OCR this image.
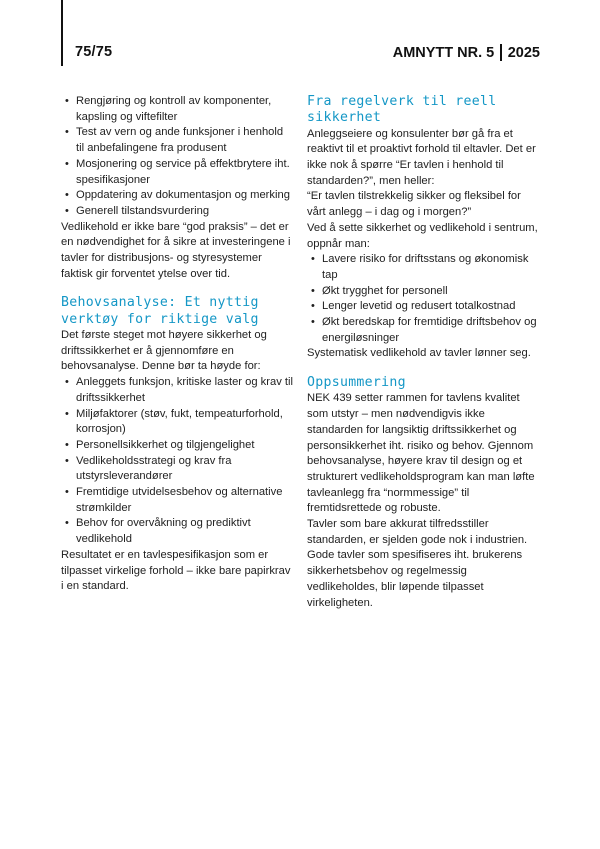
75/75	AMNYTT NR. 5 2025
• Rengjøring og kontroll av komponenter, kapsling og viftefilter
• Test av vern og ande funksjoner i henhold til anbefalingene fra produsent
• Mosjonering og service på effektbrytere iht. spesifikasjoner
• Oppdatering av dokumentasjon og merking
• Generell tilstandsvurdering

Vedlikehold er ikke bare “god praksis” – det er en nødvendighet for å sikre at investeringene i tavler for distribusjons- og styresystemer faktisk gir forventet ytelse over tid.

Behovsanalyse: Et nyttig verktøy for riktige valg

Det første steget mot høyere sikkerhet og driftssikkerhet er å gjennomføre en behovsanalyse. Denne bør ta høyde for:

• Anleggets funksjon, kritiske laster og krav til driftssikkerhet
• Miljøfaktorer (støv, fukt, tempeaturforhold, korrosjon)
• Personellsikkerhet og tilgjengelighet
• Vedlikeholdsstrategi og krav fra utstyrsleverandører
• Fremtidige utvidelsesbehov og alternative strømkilder
• Behov for overvåkning og prediktivt vedlikehold

Resultatet er en tavlespesifikasjon som er tilpasset virkelige forhold – ikke bare papirkrav i en standard.

Fra regelverk til reell sikkerhet

Anleggseiere og konsulenter bør gå fra et reaktivt til et proaktivt forhold til eltavler. Det er ikke nok å spørre “Er tavlen i henhold til standarden?”, men heller:

“Er tavlen tilstrekkelig sikker og fleksibel for vårt anlegg – i dag og i morgen?”

Ved å sette sikkerhet og vedlikehold i sentrum, oppnår man:

• Lavere risiko for driftsstans og økonomisk tap
• Økt trygghet for personell
• Lenger levetid og redusert totalkostnad
• Økt beredskap for fremtidige driftsbehov og energiløsninger

Systematisk vedlikehold av tavler lønner seg.

Oppsummering

NEK 439 setter rammen for tavlens kvalitet som utstyr – men nødvendigvis ikke standarden for langsiktig driftssikkerhet og personsikkerhet iht. risiko og behov. Gjennom behovsanalyse, høyere krav til design og et strukturert vedlikeholdsprogram kan man løfte tavleanlegg fra “normmessige” til fremtidsrettede og robuste.

Tavler som bare akkurat tilfredsstiller standarden, er sjelden gode nok i industrien.

Gode tavler som spesifiseres iht. brukerens sikkerhetsbehov og regelmessig vedlikeholdes, blir løpende tilpasset virkeligheten.
